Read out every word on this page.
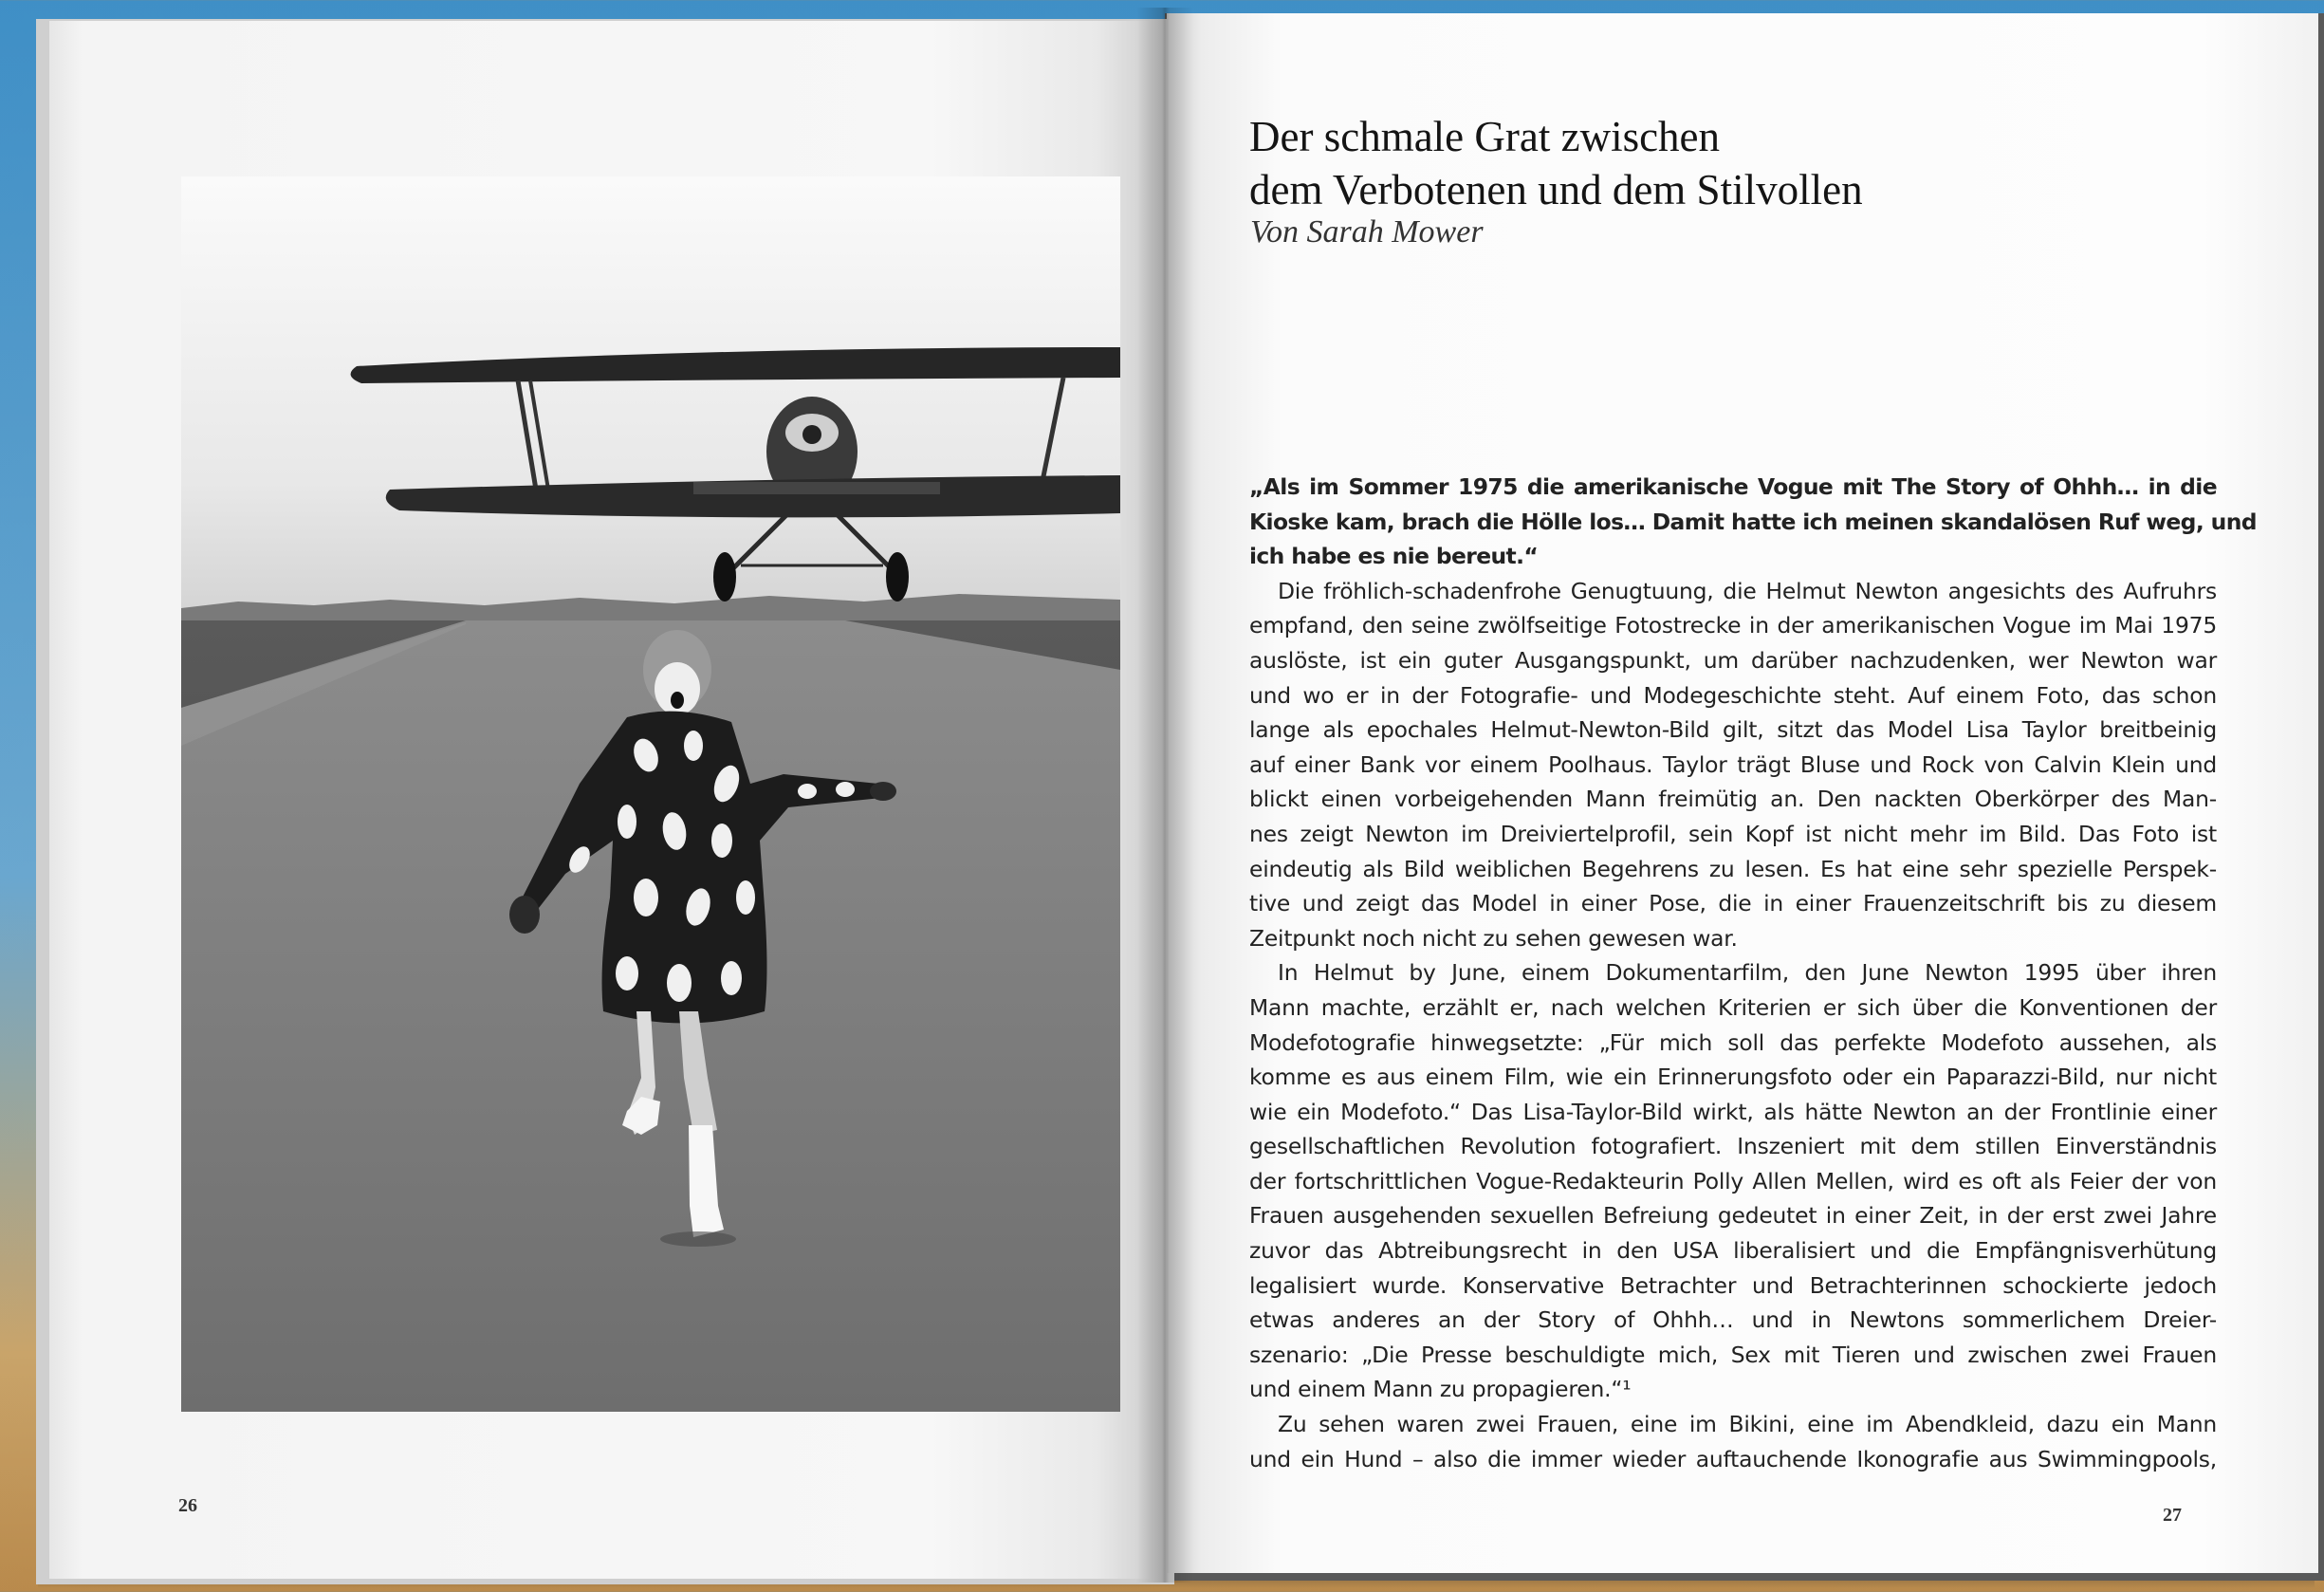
26	27
Der schmale Grat zwischen
dem Verbotenen und dem Stilvollen
Von Sarah Mower
„Als im Sommer 1975 die amerikanische Vogue mit The Story of Ohhh… in die
Kioske kam, brach die Hölle los… Damit hatte ich meinen skandalösen Ruf weg, und
ich habe es nie bereut.“
Die fröhlich-schadenfrohe Genugtuung, die Helmut Newton angesichts des Aufruhrs
empfand, den seine zwölfseitige Fotostrecke in der amerikanischen Vogue im Mai 1975
auslöste, ist ein guter Ausgangspunkt, um darüber nachzudenken, wer Newton war
und wo er in der Fotografie- und Modegeschichte steht. Auf einem Foto, das schon
lange als epochales Helmut-Newton-Bild gilt, sitzt das Model Lisa Taylor breitbeinig
auf einer Bank vor einem Poolhaus. Taylor trägt Bluse und Rock von Calvin Klein und
blickt einen vorbeigehenden Mann freimütig an. Den nackten Oberkörper des Man-
nes zeigt Newton im Dreiviertelprofil, sein Kopf ist nicht mehr im Bild. Das Foto ist
eindeutig als Bild weiblichen Begehrens zu lesen. Es hat eine sehr spezielle Perspek-
tive und zeigt das Model in einer Pose, die in einer Frauenzeitschrift bis zu diesem
Zeitpunkt noch nicht zu sehen gewesen war.
In Helmut by June, einem Dokumentarfilm, den June Newton 1995 über ihren
Mann machte, erzählt er, nach welchen Kriterien er sich über die Konventionen der
Modefotografie hinwegsetzte: „Für mich soll das perfekte Modefoto aussehen, als
komme es aus einem Film, wie ein Erinnerungsfoto oder ein Paparazzi-Bild, nur nicht
wie ein Modefoto.“ Das Lisa-Taylor-Bild wirkt, als hätte Newton an der Frontlinie einer
gesellschaftlichen Revolution fotografiert. Inszeniert mit dem stillen Einverständnis
der fortschrittlichen Vogue-Redakteurin Polly Allen Mellen, wird es oft als Feier der von
Frauen ausgehenden sexuellen Befreiung gedeutet in einer Zeit, in der erst zwei Jahre
zuvor das Abtreibungsrecht in den USA liberalisiert und die Empfängnisverhütung
legalisiert wurde. Konservative Betrachter und Betrachterinnen schockierte jedoch
etwas anderes an der Story of Ohhh… und in Newtons sommerlichem Dreier-
szenario: „Die Presse beschuldigte mich, Sex mit Tieren und zwischen zwei Frauen
und einem Mann zu propagieren.“¹
Zu sehen waren zwei Frauen, eine im Bikini, eine im Abendkleid, dazu ein Mann
und ein Hund – also die immer wieder auftauchende Ikonografie aus Swimmingpools,
